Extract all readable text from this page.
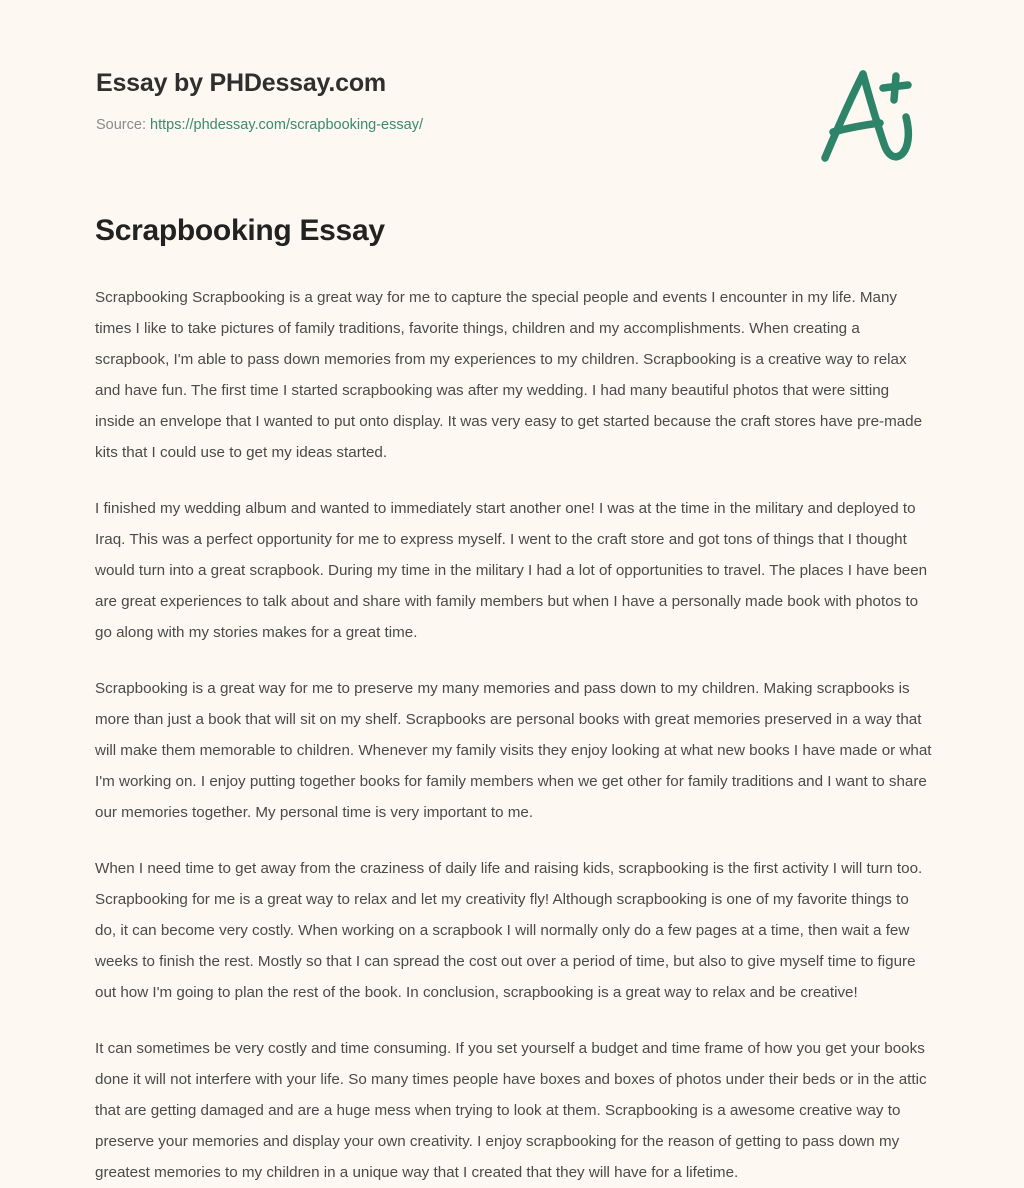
Essay by PHDessay.com
Source: https://phdessay.com/scrapbooking-essay/
Scrapbooking Essay

Scrapbooking Scrapbooking is a great way for me to capture the special people and events I encounter in my life. Many times I like to take pictures of family traditions, favorite things, children and my accomplishments. When creating a scrapbook, I'm able to pass down memories from my experiences to my children. Scrapbooking is a creative way to relax and have fun. The first time I started scrapbooking was after my wedding. I had many beautiful photos that were sitting inside an envelope that I wanted to put onto display. It was very easy to get started because the craft stores have pre-made kits that I could use to get my ideas started.

I finished my wedding album and wanted to immediately start another one! I was at the time in the military and deployed to Iraq. This was a perfect opportunity for me to express myself. I went to the craft store and got tons of things that I thought would turn into a great scrapbook. During my time in the military I had a lot of opportunities to travel. The places I have been are great experiences to talk about and share with family members but when I have a personally made book with photos to go along with my stories makes for a great time.

Scrapbooking is a great way for me to preserve my many memories and pass down to my children. Making scrapbooks is more than just a book that will sit on my shelf. Scrapbooks are personal books with great memories preserved in a way that will make them memorable to children. Whenever my family visits they enjoy looking at what new books I have made or what I'm working on. I enjoy putting together books for family members when we get other for family traditions and I want to share our memories together. My personal time is very important to me.

When I need time to get away from the craziness of daily life and raising kids, scrapbooking is the first activity I will turn too. Scrapbooking for me is a great way to relax and let my creativity fly! Although scrapbooking is one of my favorite things to do, it can become very costly. When working on a scrapbook I will normally only do a few pages at a time, then wait a few weeks to finish the rest. Mostly so that I can spread the cost out over a period of time, but also to give myself time to figure out how I'm going to plan the rest of the book. In conclusion, scrapbooking is a great way to relax and be creative!

It can sometimes be very costly and time consuming. If you set yourself a budget and time frame of how you get your books done it will not interfere with your life. So many times people have boxes and boxes of photos under their beds or in the attic that are getting damaged and are a huge mess when trying to look at them. Scrapbooking is a awesome creative way to preserve your memories and display your own creativity. I enjoy scrapbooking for the reason of getting to pass down my greatest memories to my children in a unique way that I created that they will have for a lifetime.
